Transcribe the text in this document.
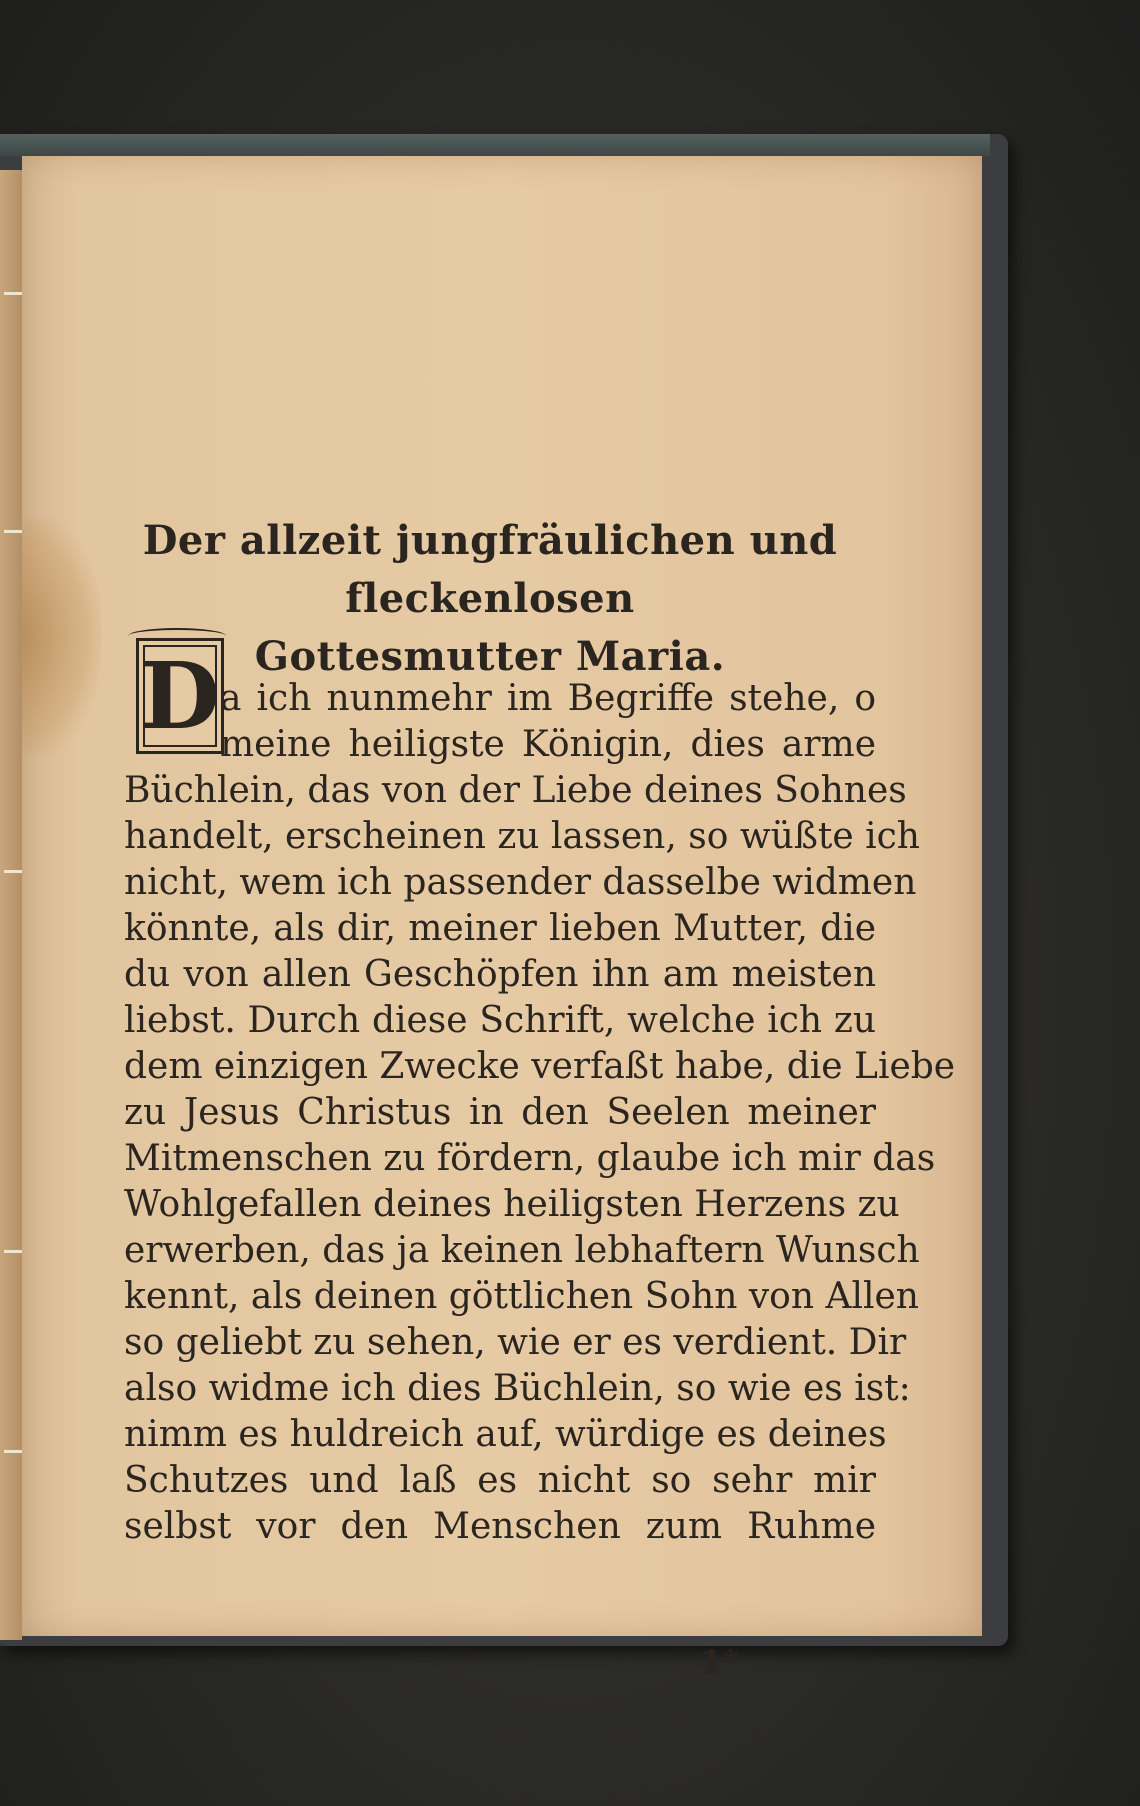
Der allzeit jungfräulichen und fleckenlosen
Gottesmutter Maria.
D a ich nunmehr im Begriffe stehe, o
meine heiligste Königin, dies arme
Büchlein, das von der Liebe deines Sohnes
handelt, erscheinen zu lassen, so wüßte ich
nicht, wem ich passender dasselbe widmen
könnte, als dir, meiner lieben Mutter, die
du von allen Geschöpfen ihn am meisten
liebst. Durch diese Schrift, welche ich zu
dem einzigen Zwecke verfaßt habe, die Liebe
zu Jesus Christus in den Seelen meiner
Mitmenschen zu fördern, glaube ich mir das
Wohlgefallen deines heiligsten Herzens zu
erwerben, das ja keinen lebhaftern Wunsch
kennt, als deinen göttlichen Sohn von Allen
so geliebt zu sehen, wie er es verdient. Dir
also widme ich dies Büchlein, so wie es ist:
nimm es huldreich auf, würdige es deines
Schutzes und laß es nicht so sehr mir
selbst vor den Menschen zum Ruhme
1*
